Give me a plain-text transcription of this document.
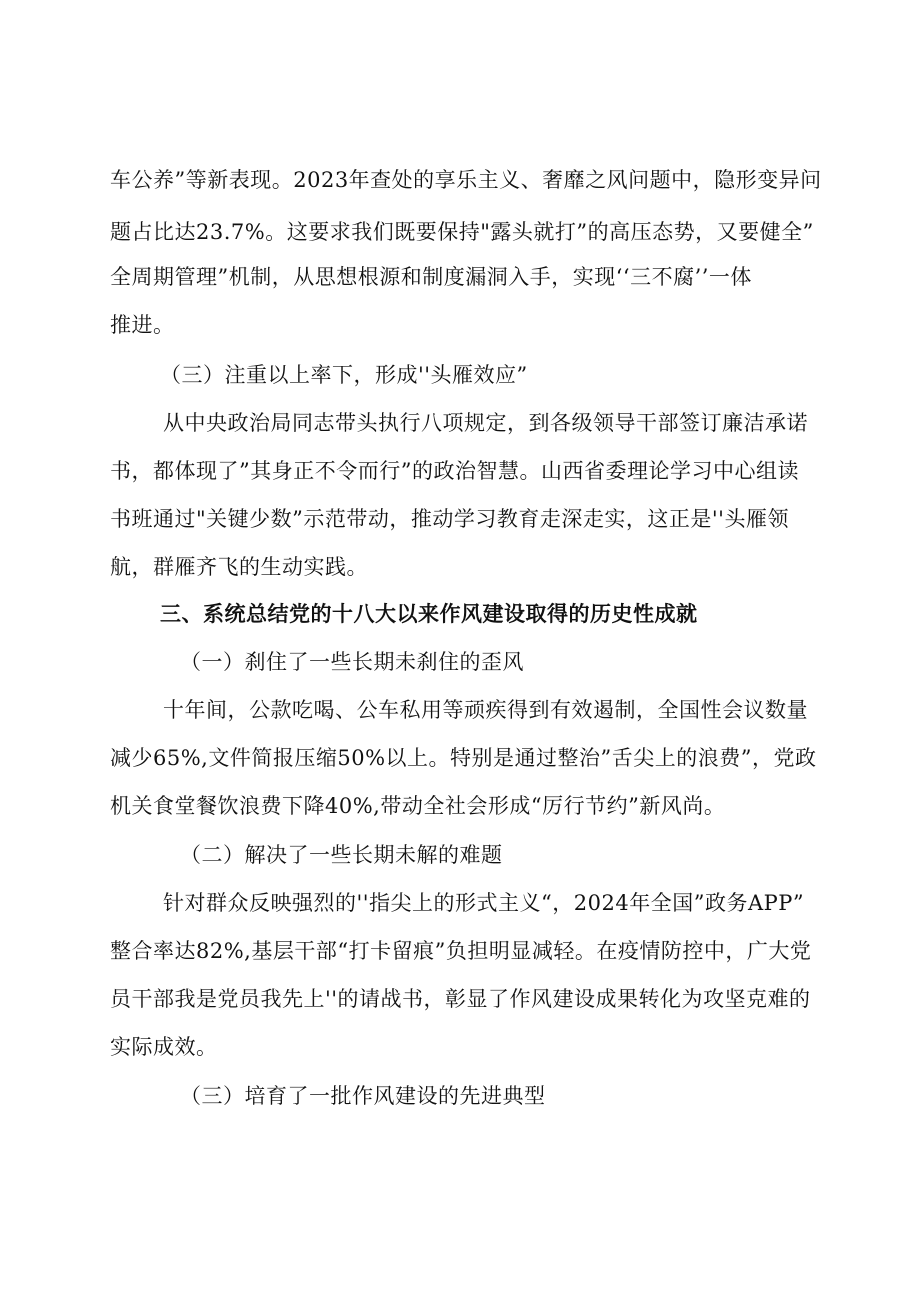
车公养”等新表现。2023年查处的享乐主义、奢靡之风问题中，隐形变异问
题占比达23.7%。这要求我们既要保持"露头就打”的高压态势，又要健全”
全周期管理”机制，从思想根源和制度漏洞入手，实现‘‘三不腐’’一体
推进。
（三）注重以上率下，形成''头雁效应”
从中央政治局同志带头执行八项规定，到各级领导干部签订廉洁承诺
书，都体现了”其身正不令而行”的政治智慧。山西省委理论学习中心组读
书班通过"关键少数”示范带动，推动学习教育走深走实，这正是''头雁领
航，群雁齐飞的生动实践。
三、系统总结党的十八大以来作风建设取得的历史性成就
（一）刹住了一些长期未刹住的歪风
十年间，公款吃喝、公车私用等顽疾得到有效遏制，全国性会议数量
减少65%,文件简报压缩50%以上。特别是通过整治”舌尖上的浪费”，党政
机关食堂餐饮浪费下降40%,带动全社会形成“厉行节约”新风尚。
（二）解决了一些长期未解的难题
针对群众反映强烈的''指尖上的形式主义“，2024年全国”政务APP”
整合率达82%,基层干部“打卡留痕”负担明显减轻。在疫情防控中，广大党
员干部我是党员我先上''的请战书，彰显了作风建设成果转化为攻坚克难的
实际成效。
（三）培育了一批作风建设的先进典型
